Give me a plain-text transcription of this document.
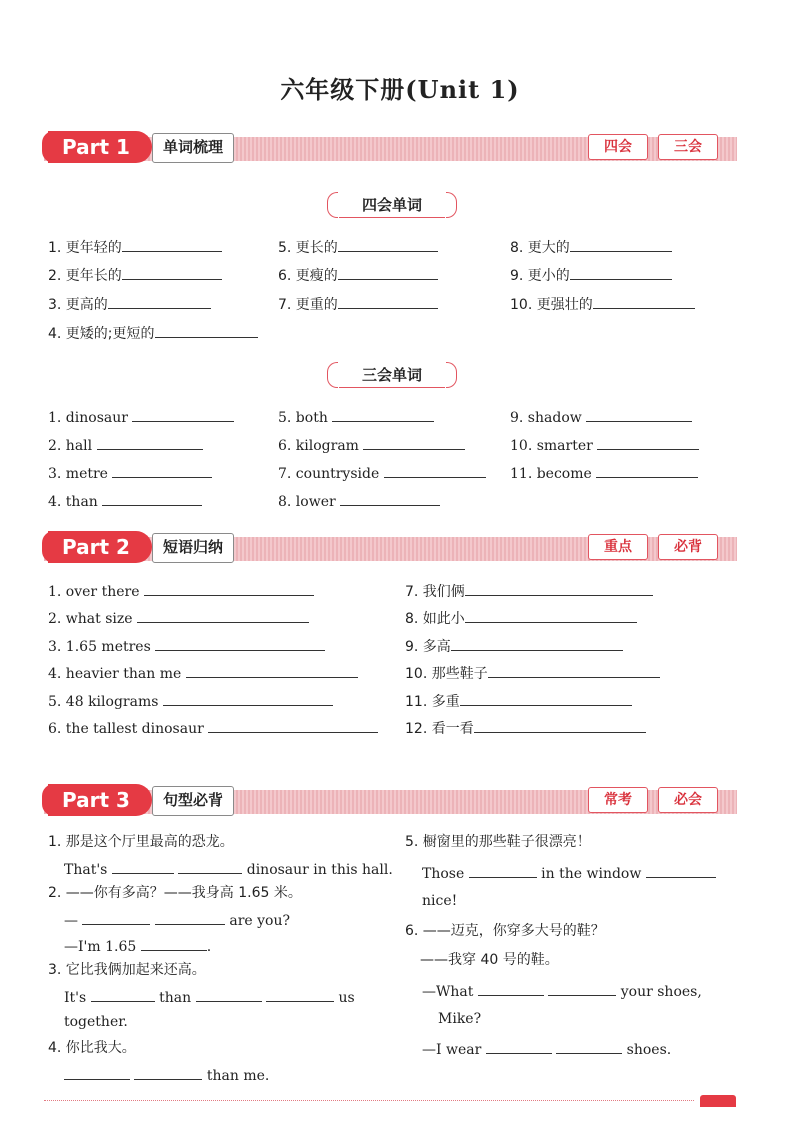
六年级下册(Unit 1)
Part 1	单词梳理	四会	三会
四会单词
1. 更年轻的	5. 更长的	8. 更大的
2. 更年长的	6. 更瘦的	9. 更小的
3. 更高的	7. 更重的	10. 更强壮的
4. 更矮的;更短的
三会单词
1. dinosaur	5. both	9. shadow
2. hall	6. kilogram	10. smarter
3. metre	7. countryside	11. become
4. than	8. lower
Part 2	短语归纳	重点	必背
1. over there
2. what size
3. 1.65 metres
4. heavier than me
5. 48 kilograms
6. the tallest dinosaur
7. 我们俩
8. 如此小
9. 多高
10. 那些鞋子
11. 多重
12. 看一看
Part 3	句型必背	常考	必会
1. 那是这个厅里最高的恐龙。
That's	dinosaur in this hall.
2. ——你有多高？——我身高 1.65 米。
—	are you?
—I'm 1.65	.
3. 它比我俩加起来还高。
It's	than	us
together.
4. 你比我大。
than me.
5. 橱窗里的那些鞋子很漂亮！
Those	in the window
nice!
6. ——迈克，你穿多大号的鞋？
——我穿 40 号的鞋。
—What	your shoes,
Mike?
—I wear	shoes.
